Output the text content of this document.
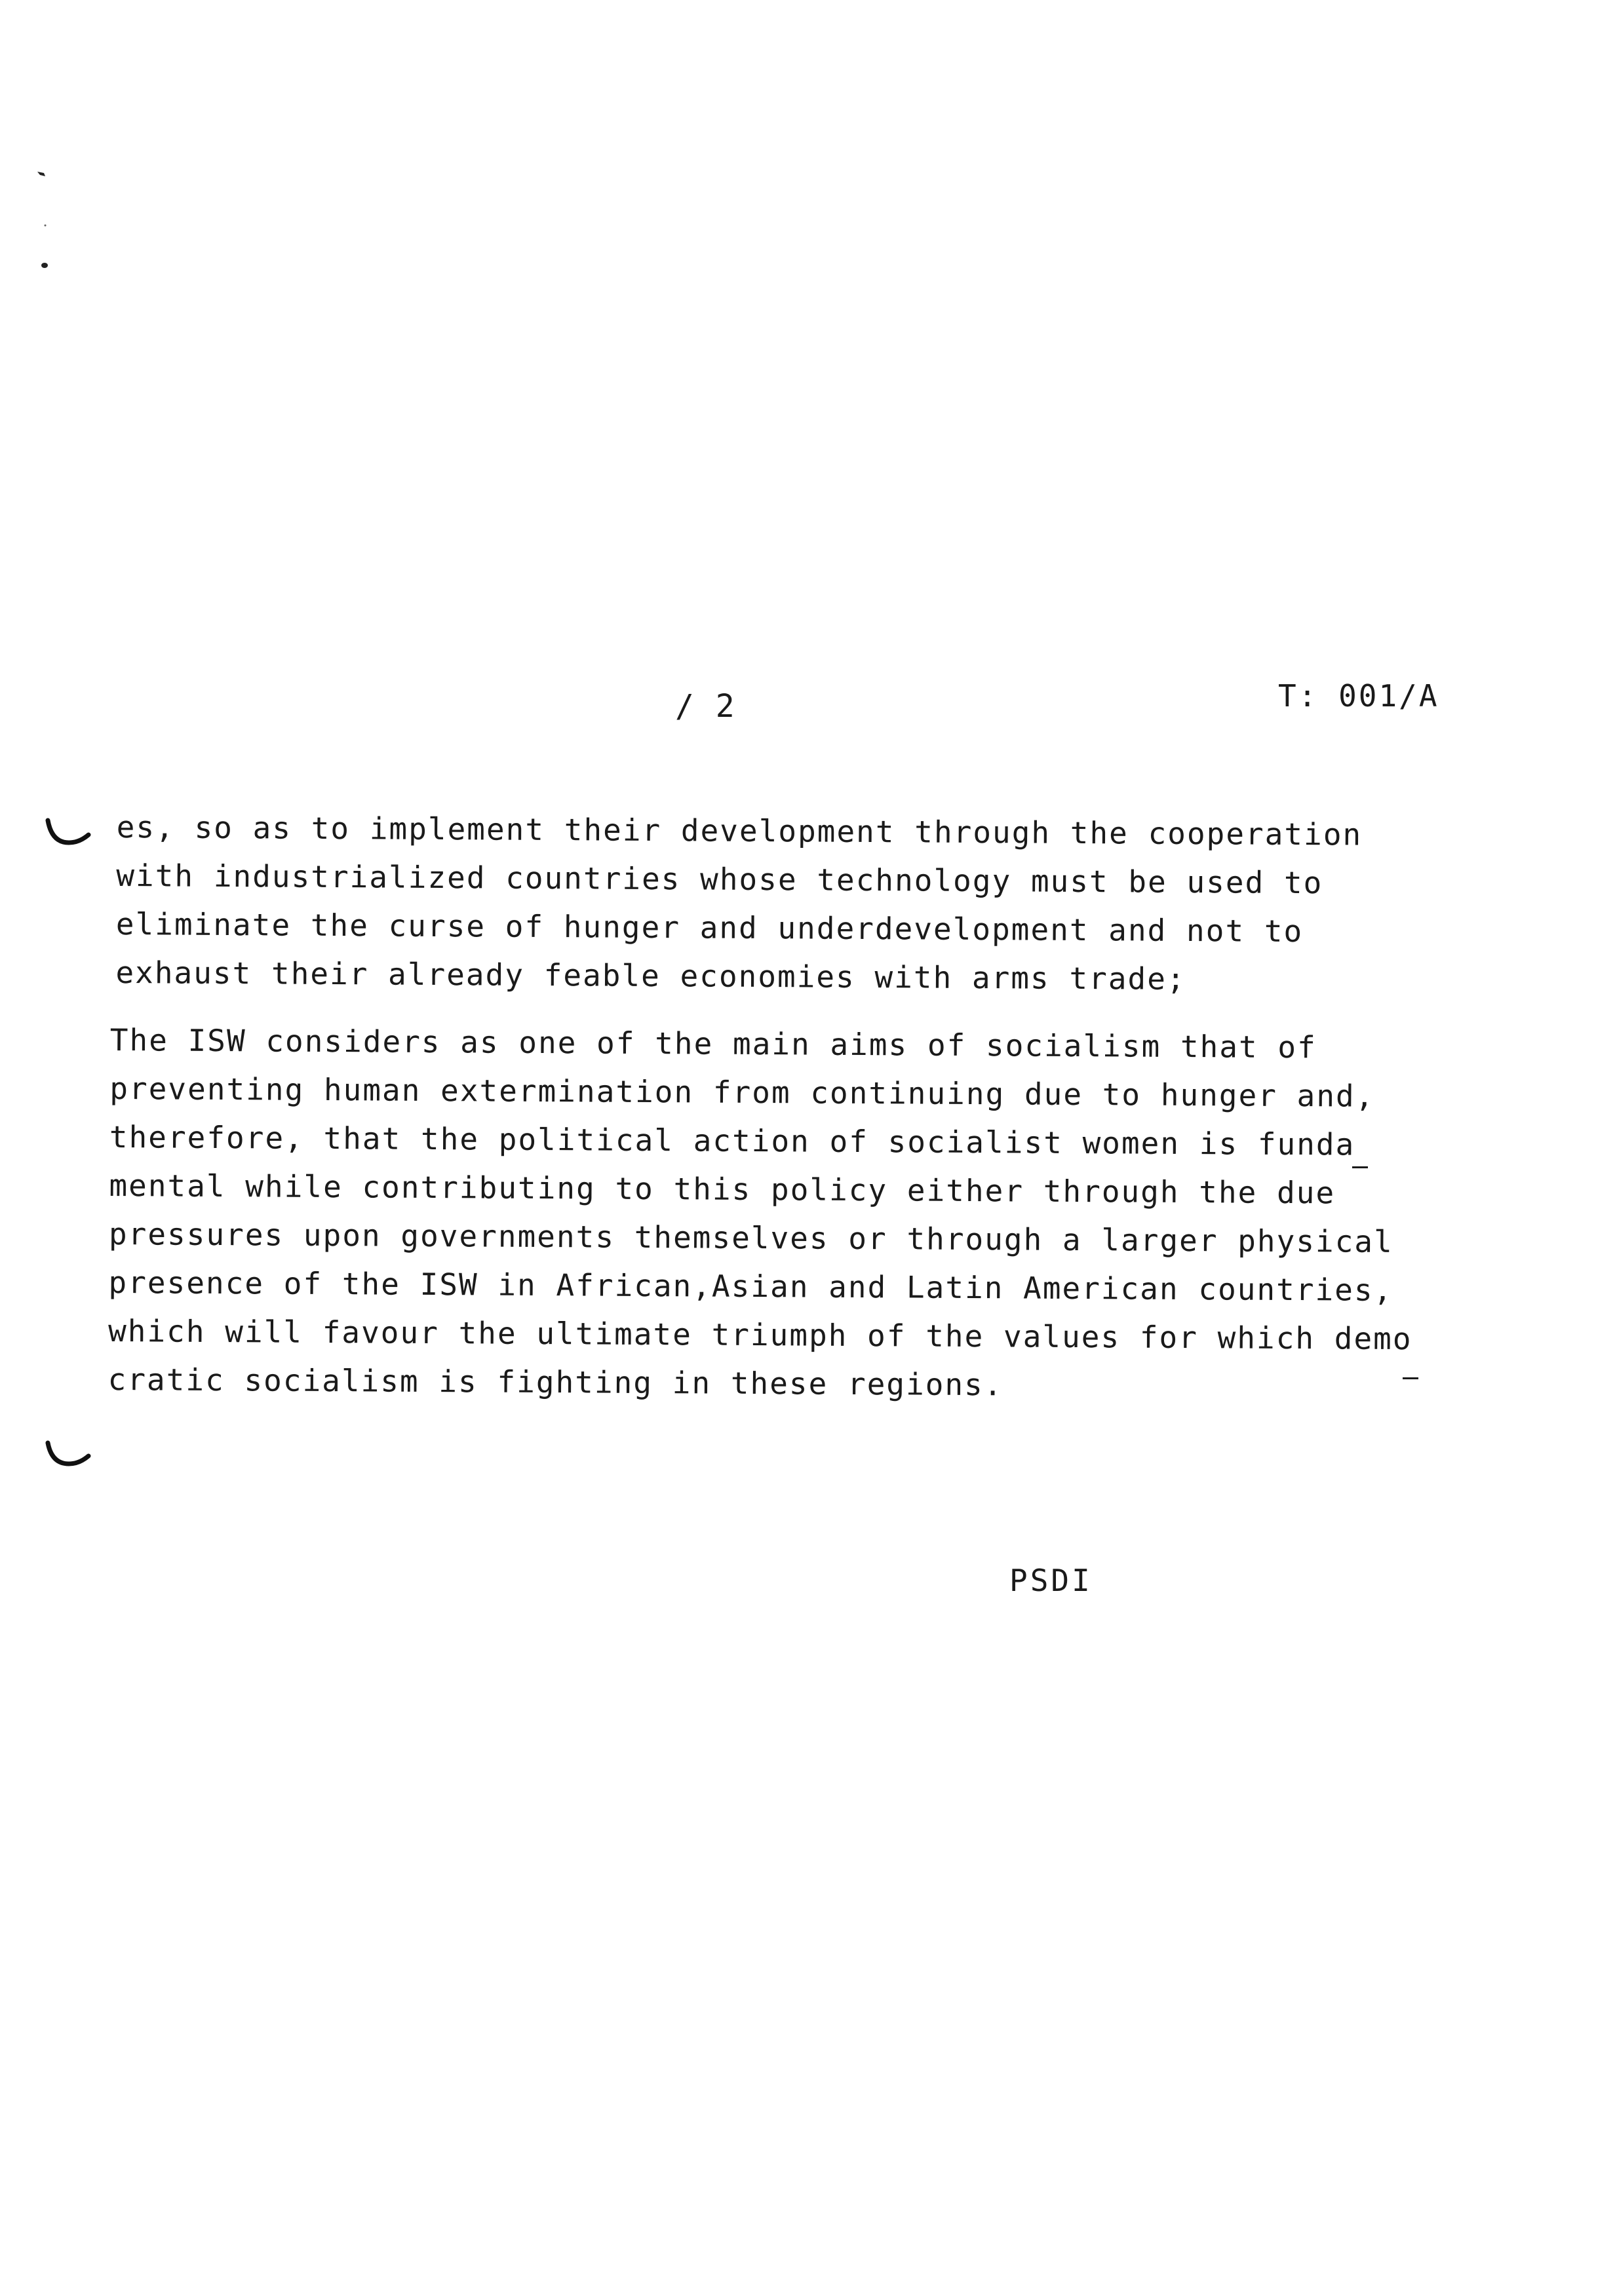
/ 2	T: 001/A

es, so as to implement their development through the cooperation
with industrialized countries whose technology must be used to
eliminate the curse of hunger and underdevelopment and not to
exhaust their already feable economies with arms trade;

The ISW considers as one of the main aims of socialism that of
preventing human extermination from continuing due to hunger and,
therefore, that the political action of socialist women is funda
mental while contributing to this policy either through the due
pressures upon governments themselves or through a larger physical
presence of the ISW in African,Asian and Latin American countries,
which will favour the ultimate triumph of the values for which demo
cratic socialism is fighting in these regions.

PSDI
